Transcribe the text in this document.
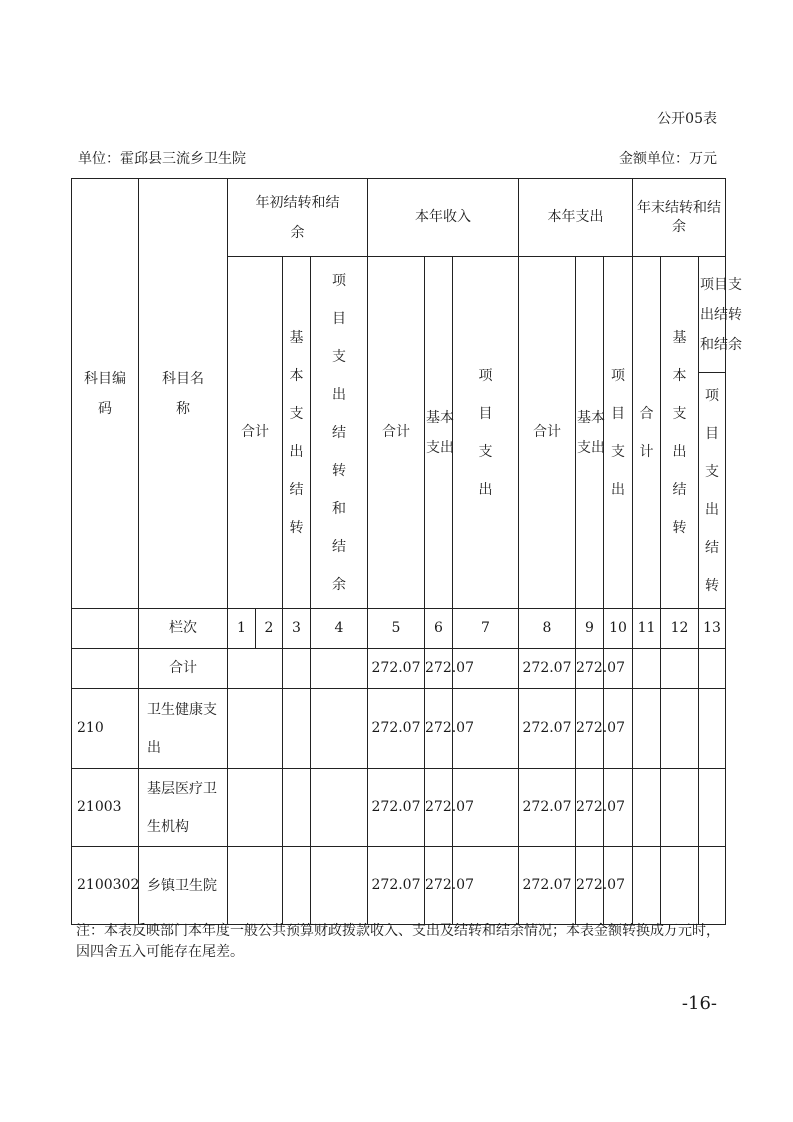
公开05表
单位：霍邱县三流乡卫生院	金额单位：万元
科目编码	科目名称	年初结转和结余				本年收入			本年支出			年末结转和结余			
		合计		基本支出结转	项目支出结转和结余	合计	基本支出	项目支出	合计	基本支出	项目支出	合计	基本支出结转	项目支出结转和结余	
														项目支出结转	
	栏次	1	2	3	4	5	6	7	8	9	10	11	12	13	
	合计					272.07	272.07		272.07	272.07					
210	卫生健康支出					272.07	272.07		272.07	272.07					
21003	基层医疗卫生机构					272.07	272.07		272.07	272.07					
2100302	乡镇卫生院					272.07	272.07		272.07	272.07					
注：本表反映部门本年度一般公共预算财政拨款收入、支出及结转和结余情况；本表金额转换成万元时，因四舍五入可能存在尾差。
-16-
